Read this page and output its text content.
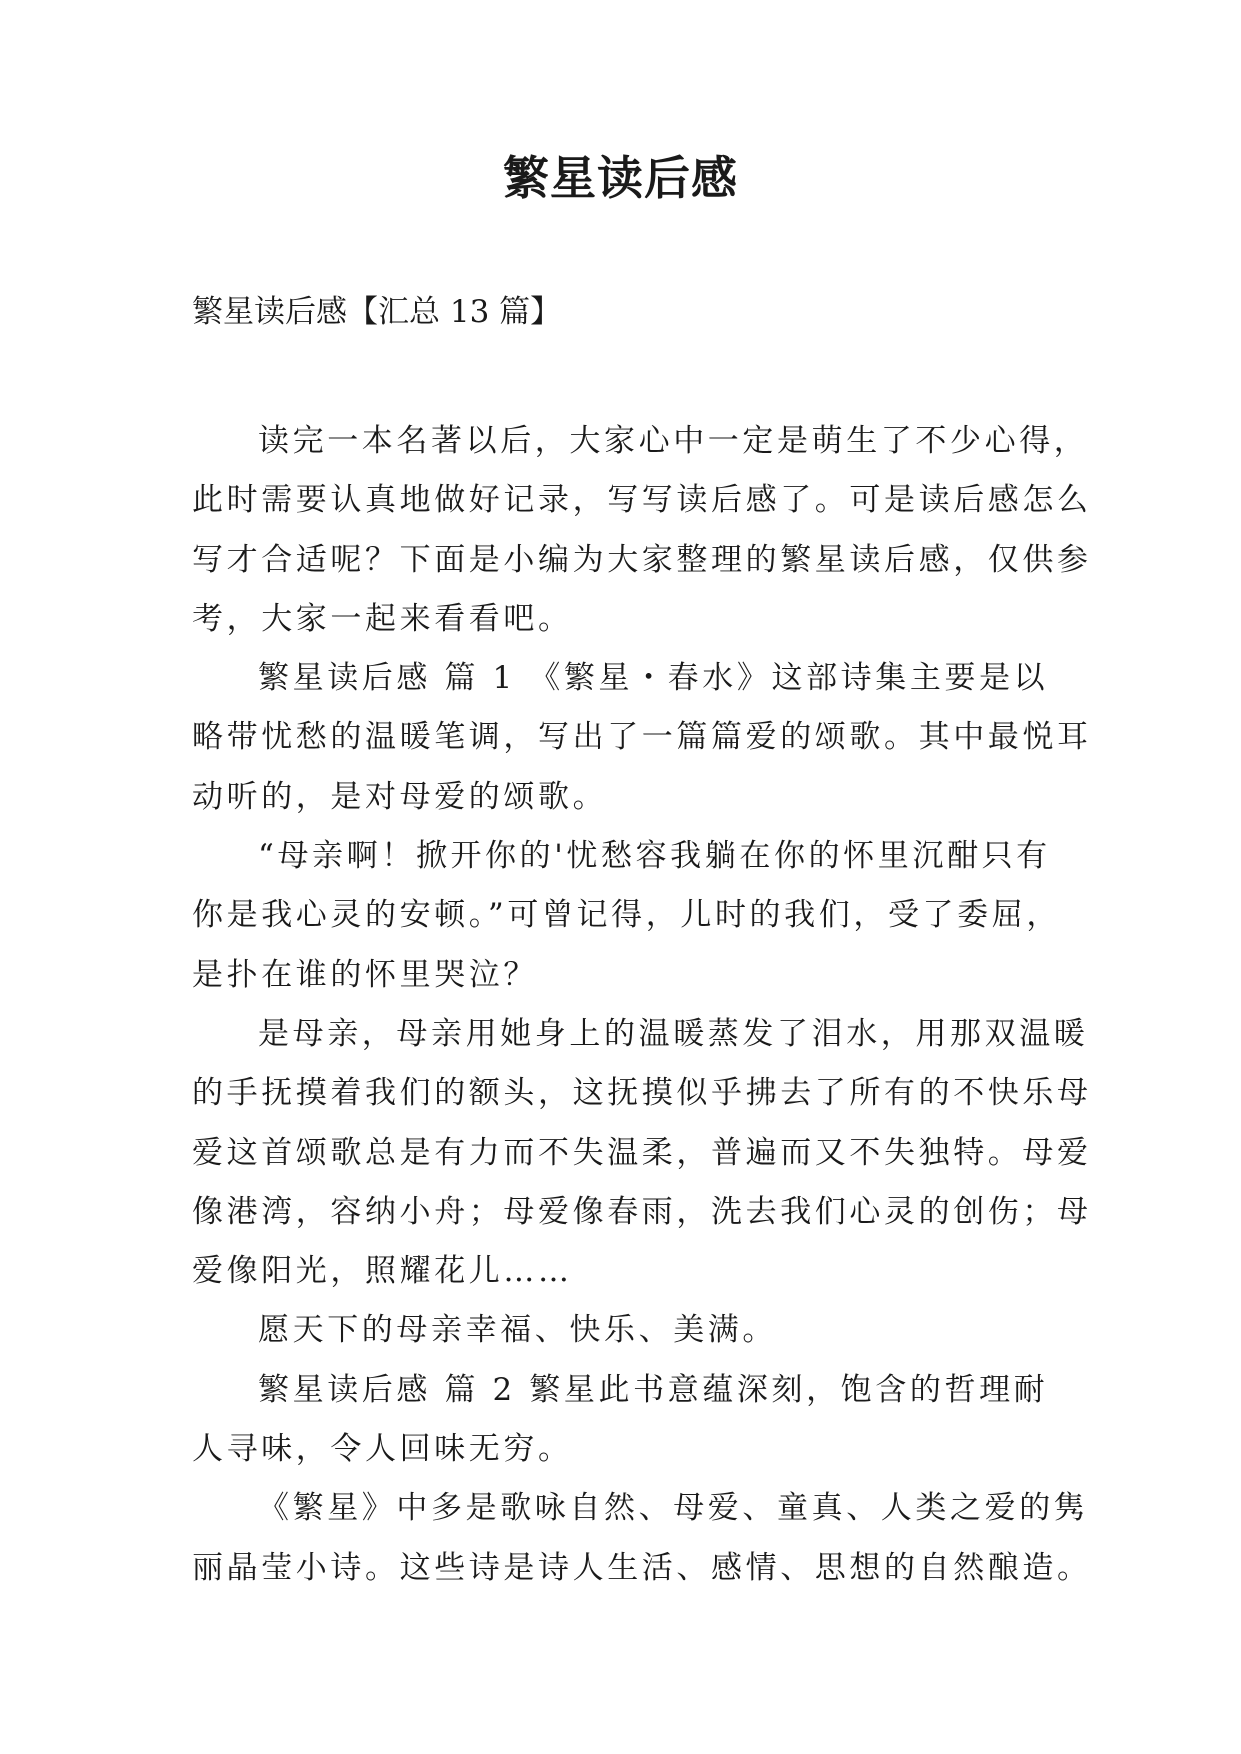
繁星读后感

繁星读后感【汇总 13 篇】

读完一本名著以后，大家心中一定是萌生了不少心得，
此时需要认真地做好记录，写写读后感了。可是读后感怎么
写才合适呢？下面是小编为大家整理的繁星读后感，仅供参
考，大家一起来看看吧。
繁星读后感 篇 1 《繁星・春水》这部诗集主要是以
略带忧愁的温暖笔调，写出了一篇篇爱的颂歌。其中最悦耳
动听的，是对母爱的颂歌。
“母亲啊！掀开你的'忧愁容我躺在你的怀里沉酣只有
你是我心灵的安顿。”可曾记得，儿时的我们，受了委屈，
是扑在谁的怀里哭泣？
是母亲，母亲用她身上的温暖蒸发了泪水，用那双温暖
的手抚摸着我们的额头，这抚摸似乎拂去了所有的不快乐母
爱这首颂歌总是有力而不失温柔，普遍而又不失独特。母爱
像港湾，容纳小舟；母爱像春雨，洗去我们心灵的创伤；母
爱像阳光，照耀花儿……
愿天下的母亲幸福、快乐、美满。
繁星读后感 篇 2 繁星此书意蕴深刻，饱含的哲理耐
人寻味，令人回味无穷。
《繁星》中多是歌咏自然、母爱、童真、人类之爱的隽
丽晶莹小诗。这些诗是诗人生活、感情、思想的自然酿造。
